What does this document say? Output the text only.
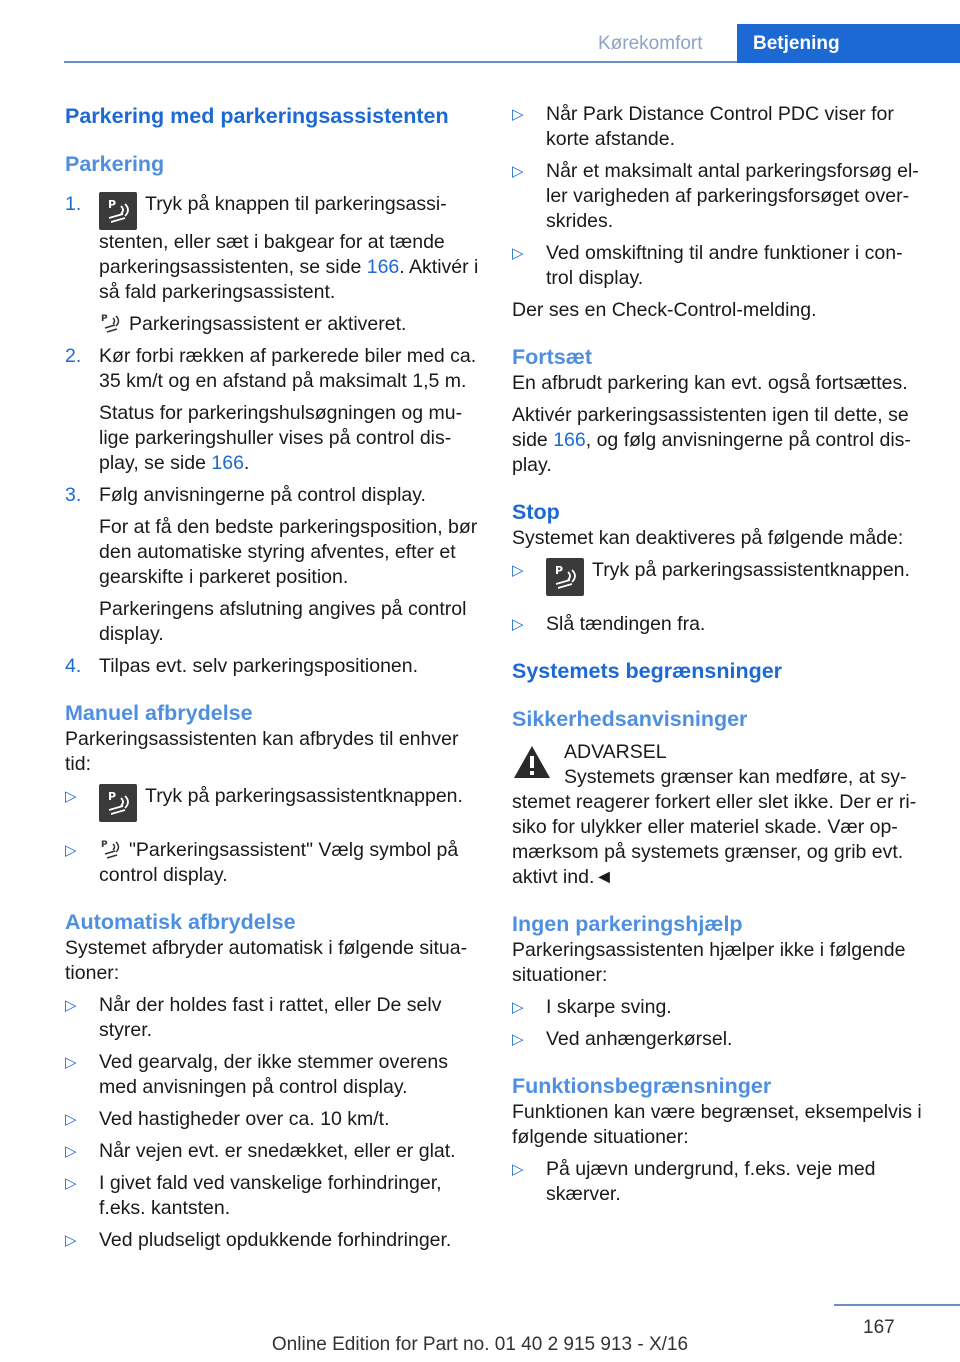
Kørekomfort	Betjening

Parkering med parkeringsassistenten

Parkering

1. P Tryk på knappen til parkeringsassi- stenten, eller sæt i bakgear for at tænde parkeringsassistenten, se side 166. Aktivér i så fald parkeringsassistent.

P Parkeringsassistent er aktiveret.

2. Kør forbi rækken af parkerede biler med ca. 35 km/t og en afstand på maksimalt 1,5 m.

Status for parkeringshulsøgningen og mu- lige parkeringshuller vises på control dis- play, se side 166.

3. Følg anvisningerne på control display.

For at få den bedste parkeringsposition, bør den automatiske styring afventes, efter et gearskifte i parkeret position.

Parkeringens afslutning angives på control display.

4. Tilpas evt. selv parkeringspositionen.

Manuel afbrydelse

Parkeringsassistenten kan afbrydes til enhver tid:

▷	P Tryk på parkeringsassistentknappen.
▷	P "Parkeringsassistent" Vælg symbol på control display.

Automatisk afbrydelse

Systemet afbryder automatisk i følgende situa- tioner:

▷ Når der holdes fast i rattet, eller De selv styrer.
▷ Ved gearvalg, der ikke stemmer overens med anvisningen på control display.
▷ Ved hastigheder over ca. 10 km/t.
▷ Når vejen evt. er snedækket, eller er glat.
▷ I givet fald ved vanskelige forhindringer, f.eks. kantsten.
▷ Ved pludseligt opdukkende forhindringer.
▷ Når Park Distance Control PDC viser for korte afstande.
▷ Når et maksimalt antal parkeringsforsøg el- ler varigheden af parkeringsforsøget over- skrides.
▷ Ved omskiftning til andre funktioner i con- trol display.

Der ses en Check-Control-melding.

Fortsæt

En afbrudt parkering kan evt. også fortsættes.

Aktivér parkeringsassistenten igen til dette, se side 166, og følg anvisningerne på control dis- play.

Stop

Systemet kan deaktiveres på følgende måde:

▷	P Tryk på parkeringsassistentknappen.
▷ Slå tændingen fra.

Systemets begrænsninger

Sikkerhedsanvisninger

ADVARSEL

Systemets grænser kan medføre, at sy- stemet reagerer forkert eller slet ikke. Der er ri- siko for ulykker eller materiel skade. Vær op- mærksom på systemets grænser, og grib evt. aktivt ind.◄

Ingen parkeringshjælp

Parkeringsassistenten hjælper ikke i følgende situationer:

▷ I skarpe sving.
▷ Ved anhængerkørsel.

Funktionsbegrænsninger

Funktionen kan være begrænset, eksempelvis i følgende situationer:

▷ På ujævn undergrund, f.eks. veje med skærver.
167
Online Edition for Part no. 01 40 2 915 913 - X/16
